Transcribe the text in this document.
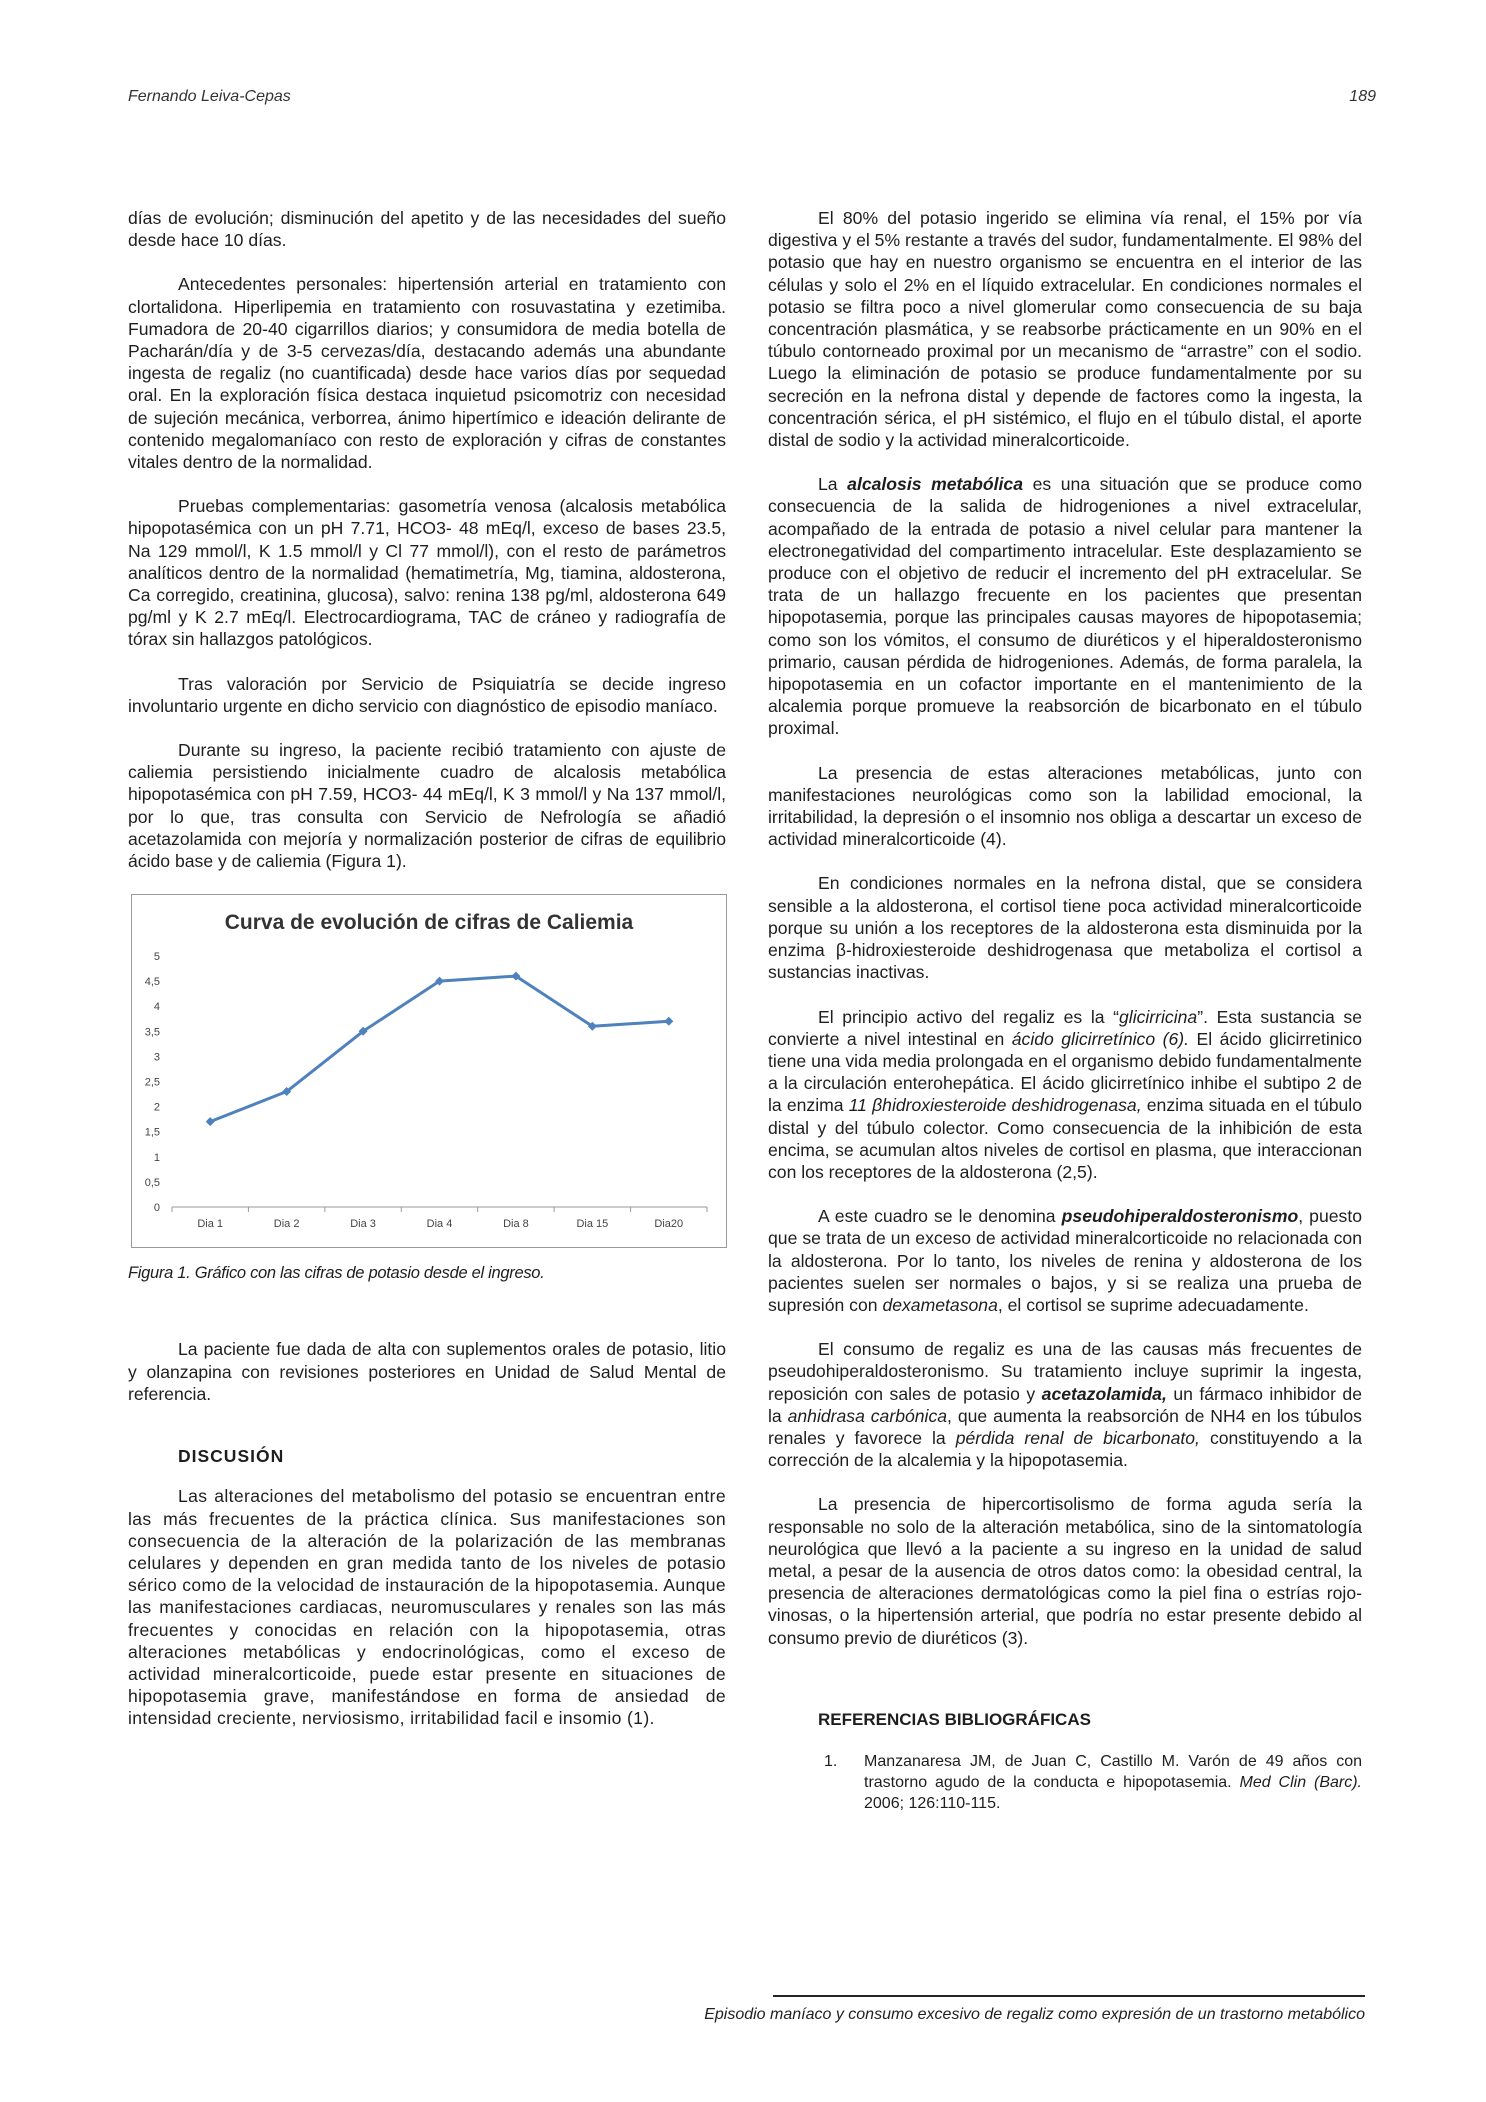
Fernando Leiva-Cepas	189

días de evolución; disminución del apetito y de las necesidades del sueño desde hace 10 días.

Antecedentes personales: hipertensión arterial en tratamiento con clortalidona. Hiperlipemia en tratamiento con rosuvastatina y ezetimiba. Fumadora de 20-40 cigarrillos diarios; y consumidora de media botella de Pacharán/día y de 3-5 cervezas/día, destacando además una abundante ingesta de regaliz (no cuantificada) desde hace varios días por sequedad oral. En la exploración física destaca inquietud psicomotriz con necesidad de sujeción mecánica, verborrea, ánimo hipertímico e ideación delirante de contenido megalomaníaco con resto de exploración y cifras de constantes vitales dentro de la normalidad.

Pruebas complementarias: gasometría venosa (alcalosis metabólica hipopotasémica con un pH 7.71, HCO3- 48 mEq/l, exceso de bases 23.5, Na 129 mmol/l, K 1.5 mmol/l y Cl 77 mmol/l), con el resto de parámetros analíticos dentro de la normalidad (hematimetría, Mg, tiamina, aldosterona, Ca corregido, creatinina, glucosa), salvo: renina 138 pg/ml, aldosterona 649 pg/ml y K 2.7 mEq/l. Electrocardiograma, TAC de cráneo y radiografía de tórax sin hallazgos patológicos.

Tras valoración por Servicio de Psiquiatría se decide ingreso involuntario urgente en dicho servicio con diagnóstico de episodio maníaco.

Durante su ingreso, la paciente recibió tratamiento con ajuste de caliemia persistiendo inicialmente cuadro de alcalosis metabólica hipopotasémica con pH 7.59, HCO3- 44 mEq/l, K 3 mmol/l y Na 137 mmol/l, por lo que, tras consulta con Servicio de Nefrología se añadió acetazolamida con mejoría y normalización posterior de cifras de equilibrio ácido base y de caliemia (Figura 1).

Curva de evolución de cifras de Caliemia
0
0,5
1
1,5
2
2,5
3
3,5
4
4,5
5
Dia 1	Dia 2	Dia 3	Dia 4	Dia 8	Dia 15	Dia20
Figura 1. Gráfico con las cifras de potasio desde el ingreso.

La paciente fue dada de alta con suplementos orales de potasio, litio y olanzapina con revisiones posteriores en Unidad de Salud Mental de referencia.

DISCUSIÓN

Las alteraciones del metabolismo del potasio se encuentran entre las más frecuentes de la práctica clínica. Sus manifestaciones son consecuencia de la alteración de la polarización de las membranas celulares y dependen en gran medida tanto de los niveles de potasio sérico como de la velocidad de instauración de la hipopotasemia. Aunque las manifestaciones cardiacas, neuromusculares y renales son las más frecuentes y conocidas en relación con la hipopotasemia, otras alteraciones metabólicas y endocrinológicas, como el exceso de actividad mineralcorticoide, puede estar presente en situaciones de hipopotasemia grave, manifestándose en forma de ansiedad de intensidad creciente, nerviosismo, irritabilidad facil e insomio (1).

El 80% del potasio ingerido se elimina vía renal, el 15% por vía digestiva y el 5% restante a través del sudor, fundamentalmente. El 98% del potasio que hay en nuestro organismo se encuentra en el interior de las células y solo el 2% en el líquido extracelular. En condiciones normales el potasio se filtra poco a nivel glomerular como consecuencia de su baja concentración plasmática, y se reabsorbe prácticamente en un 90% en el túbulo contorneado proximal por un mecanismo de “arrastre” con el sodio. Luego la eliminación de potasio se produce fundamentalmente por su secreción en la nefrona distal y depende de factores como la ingesta, la concentración sérica, el pH sistémico, el flujo en el túbulo distal, el aporte distal de sodio y la actividad mineralcorticoide.

La alcalosis metabólica es una situación que se produce como consecuencia de la salida de hidrogeniones a nivel extracelular, acompañado de la entrada de potasio a nivel celular para mantener la electronegatividad del compartimento intracelular. Este desplazamiento se produce con el objetivo de reducir el incremento del pH extracelular. Se trata de un hallazgo frecuente en los pacientes que presentan hipopotasemia, porque las principales causas mayores de hipopotasemia; como son los vómitos, el consumo de diuréticos y el hiperaldosteronismo primario, causan pérdida de hidrogeniones. Además, de forma paralela, la hipopotasemia en un cofactor importante en el mantenimiento de la alcalemia porque promueve la reabsorción de bicarbonato en el túbulo proximal.

La presencia de estas alteraciones metabólicas, junto con manifestaciones neurológicas como son la labilidad emocional, la irritabilidad, la depresión o el insomnio nos obliga a descartar un exceso de actividad mineralcorticoide (4).

En condiciones normales en la nefrona distal, que se considera sensible a la aldosterona, el cortisol tiene poca actividad mineralcorticoide porque su unión a los receptores de la aldosterona esta disminuida por la enzima β-hidroxiesteroide deshidrogenasa que metaboliza el cortisol a sustancias inactivas.

El principio activo del regaliz es la “glicirricina”. Esta sustancia se convierte a nivel intestinal en ácido glicirretínico (6). El ácido glicirretinico tiene una vida media prolongada en el organismo debido fundamentalmente a la circulación enterohepática. El ácido glicirretínico inhibe el subtipo 2 de la enzima 11 βhidroxiesteroide deshidrogenasa, enzima situada en el túbulo distal y del túbulo colector. Como consecuencia de la inhibición de esta encima, se acumulan altos niveles de cortisol en plasma, que interaccionan con los receptores de la aldosterona (2,5).

A este cuadro se le denomina pseudohiperaldosteronismo, puesto que se trata de un exceso de actividad mineralcorticoide no relacionada con la aldosterona. Por lo tanto, los niveles de renina y aldosterona de los pacientes suelen ser normales o bajos, y si se realiza una prueba de supresión con dexametasona, el cortisol se suprime adecuadamente.

El consumo de regaliz es una de las causas más frecuentes de pseudohiperaldosteronismo. Su tratamiento incluye suprimir la ingesta, reposición con sales de potasio y acetazolamida, un fármaco inhibidor de la anhidrasa carbónica, que aumenta la reabsorción de NH4 en los túbulos renales y favorece la pérdida renal de bicarbonato, constituyendo a la corrección de la alcalemia y la hipopotasemia.

La presencia de hipercortisolismo de forma aguda sería la responsable no solo de la alteración metabólica, sino de la sintomatología neurológica que llevó a la paciente a su ingreso en la unidad de salud metal, a pesar de la ausencia de otros datos como: la obesidad central, la presencia de alteraciones dermatológicas como la piel fina o estrías rojo-vinosas, o la hipertensión arterial, que podría no estar presente debido al consumo previo de diuréticos (3).

REFERENCIAS BIBLIOGRÁFICAS
1. Manzanaresa JM, de Juan C, Castillo M. Varón de 49 años con trastorno agudo de la conducta e hipopotasemia. Med Clin (Barc). 2006; 126:110-115.
Episodio maníaco y consumo excesivo de regaliz como expresión de un trastorno metabólico
